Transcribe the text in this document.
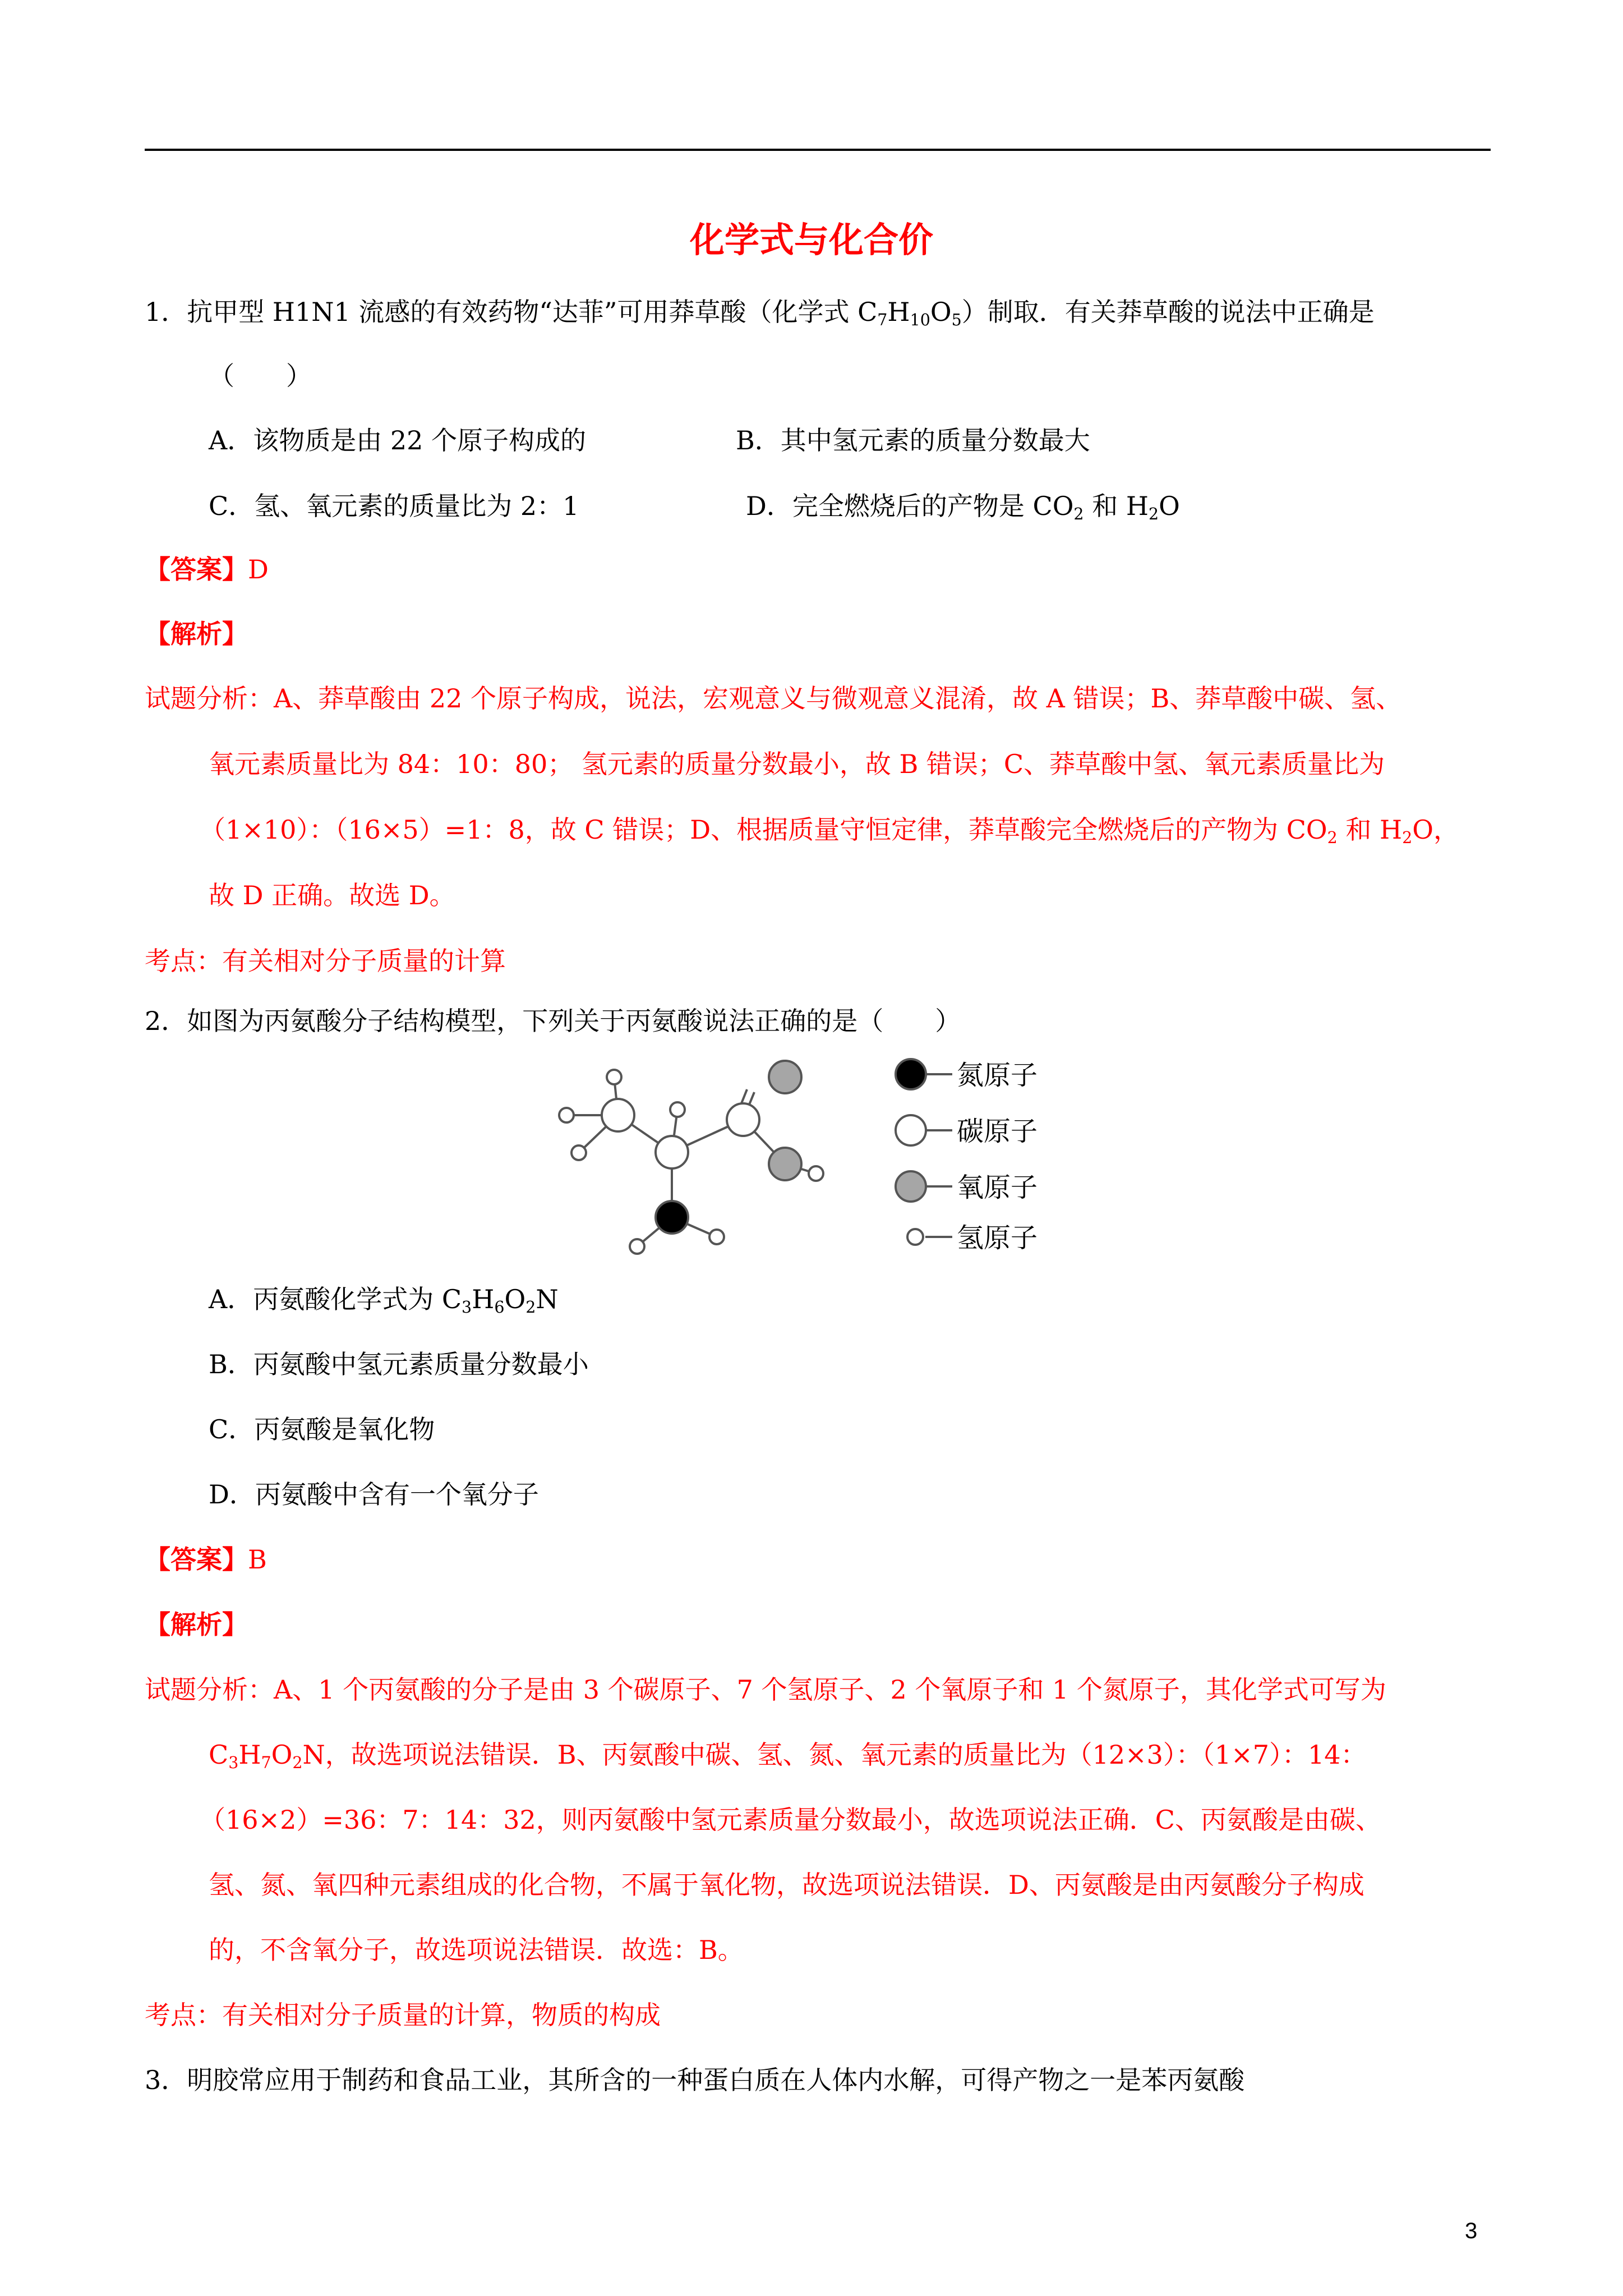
化学式与化合价
1．抗甲型 H1N1 流感的有效药物“达菲”可用莽草酸（化学式 $C_7H_{10}O_5$）制取．有关莽草酸的说法中正确是
（　　）
A．该物质是由 22 个原子构成的	B．其中氢元素的质量分数最大
C．氢、氧元素的质量比为 2：1	D．完全燃烧后的产物是 $CO_2$ 和 $H_2O$
【答案】D
【解析】
试题分析：A、莽草酸由 22 个原子构成，说法，宏观意义与微观意义混淆，故 A 错误；B、莽草酸中碳、氢、
氧元素质量比为 84：10：80； 氢元素的质量分数最小，故 B 错误；C、莽草酸中氢、氧元素质量比为
（1×10）：（16×5）=1：8，故 C 错误；D、根据质量守恒定律，莽草酸完全燃烧后的产物为 $CO_2$ 和 $H_2O$，
故 D 正确。故选 D。
考点：有关相对分子质量的计算
2．如图为丙氨酸分子结构模型，下列关于丙氨酸说法正确的是（　　）
氮原子
碳原子
氧原子
氢原子
A．丙氨酸化学式为 $C_3H_6O_2N$
B．丙氨酸中氢元素质量分数最小
C．丙氨酸是氧化物
D．丙氨酸中含有一个氧分子
【答案】B
【解析】
试题分析：A、1 个丙氨酸的分子是由 3 个碳原子、7 个氢原子、2 个氧原子和 1 个氮原子，其化学式可写为
$C_3H_7O_2N$，故选项说法错误．B、丙氨酸中碳、氢、氮、氧元素的质量比为（12×3）：（1×7）：14：
（16×2）=36：7：14：32，则丙氨酸中氢元素质量分数最小，故选项说法正确．C、丙氨酸是由碳、
氢、氮、氧四种元素组成的化合物，不属于氧化物，故选项说法错误．D、丙氨酸是由丙氨酸分子构成
的，不含氧分子，故选项说法错误．故选：B。
考点：有关相对分子质量的计算，物质的构成
3．明胶常应用于制药和食品工业，其所含的一种蛋白质在人体内水解，可得产物之一是苯丙氨酸
3
